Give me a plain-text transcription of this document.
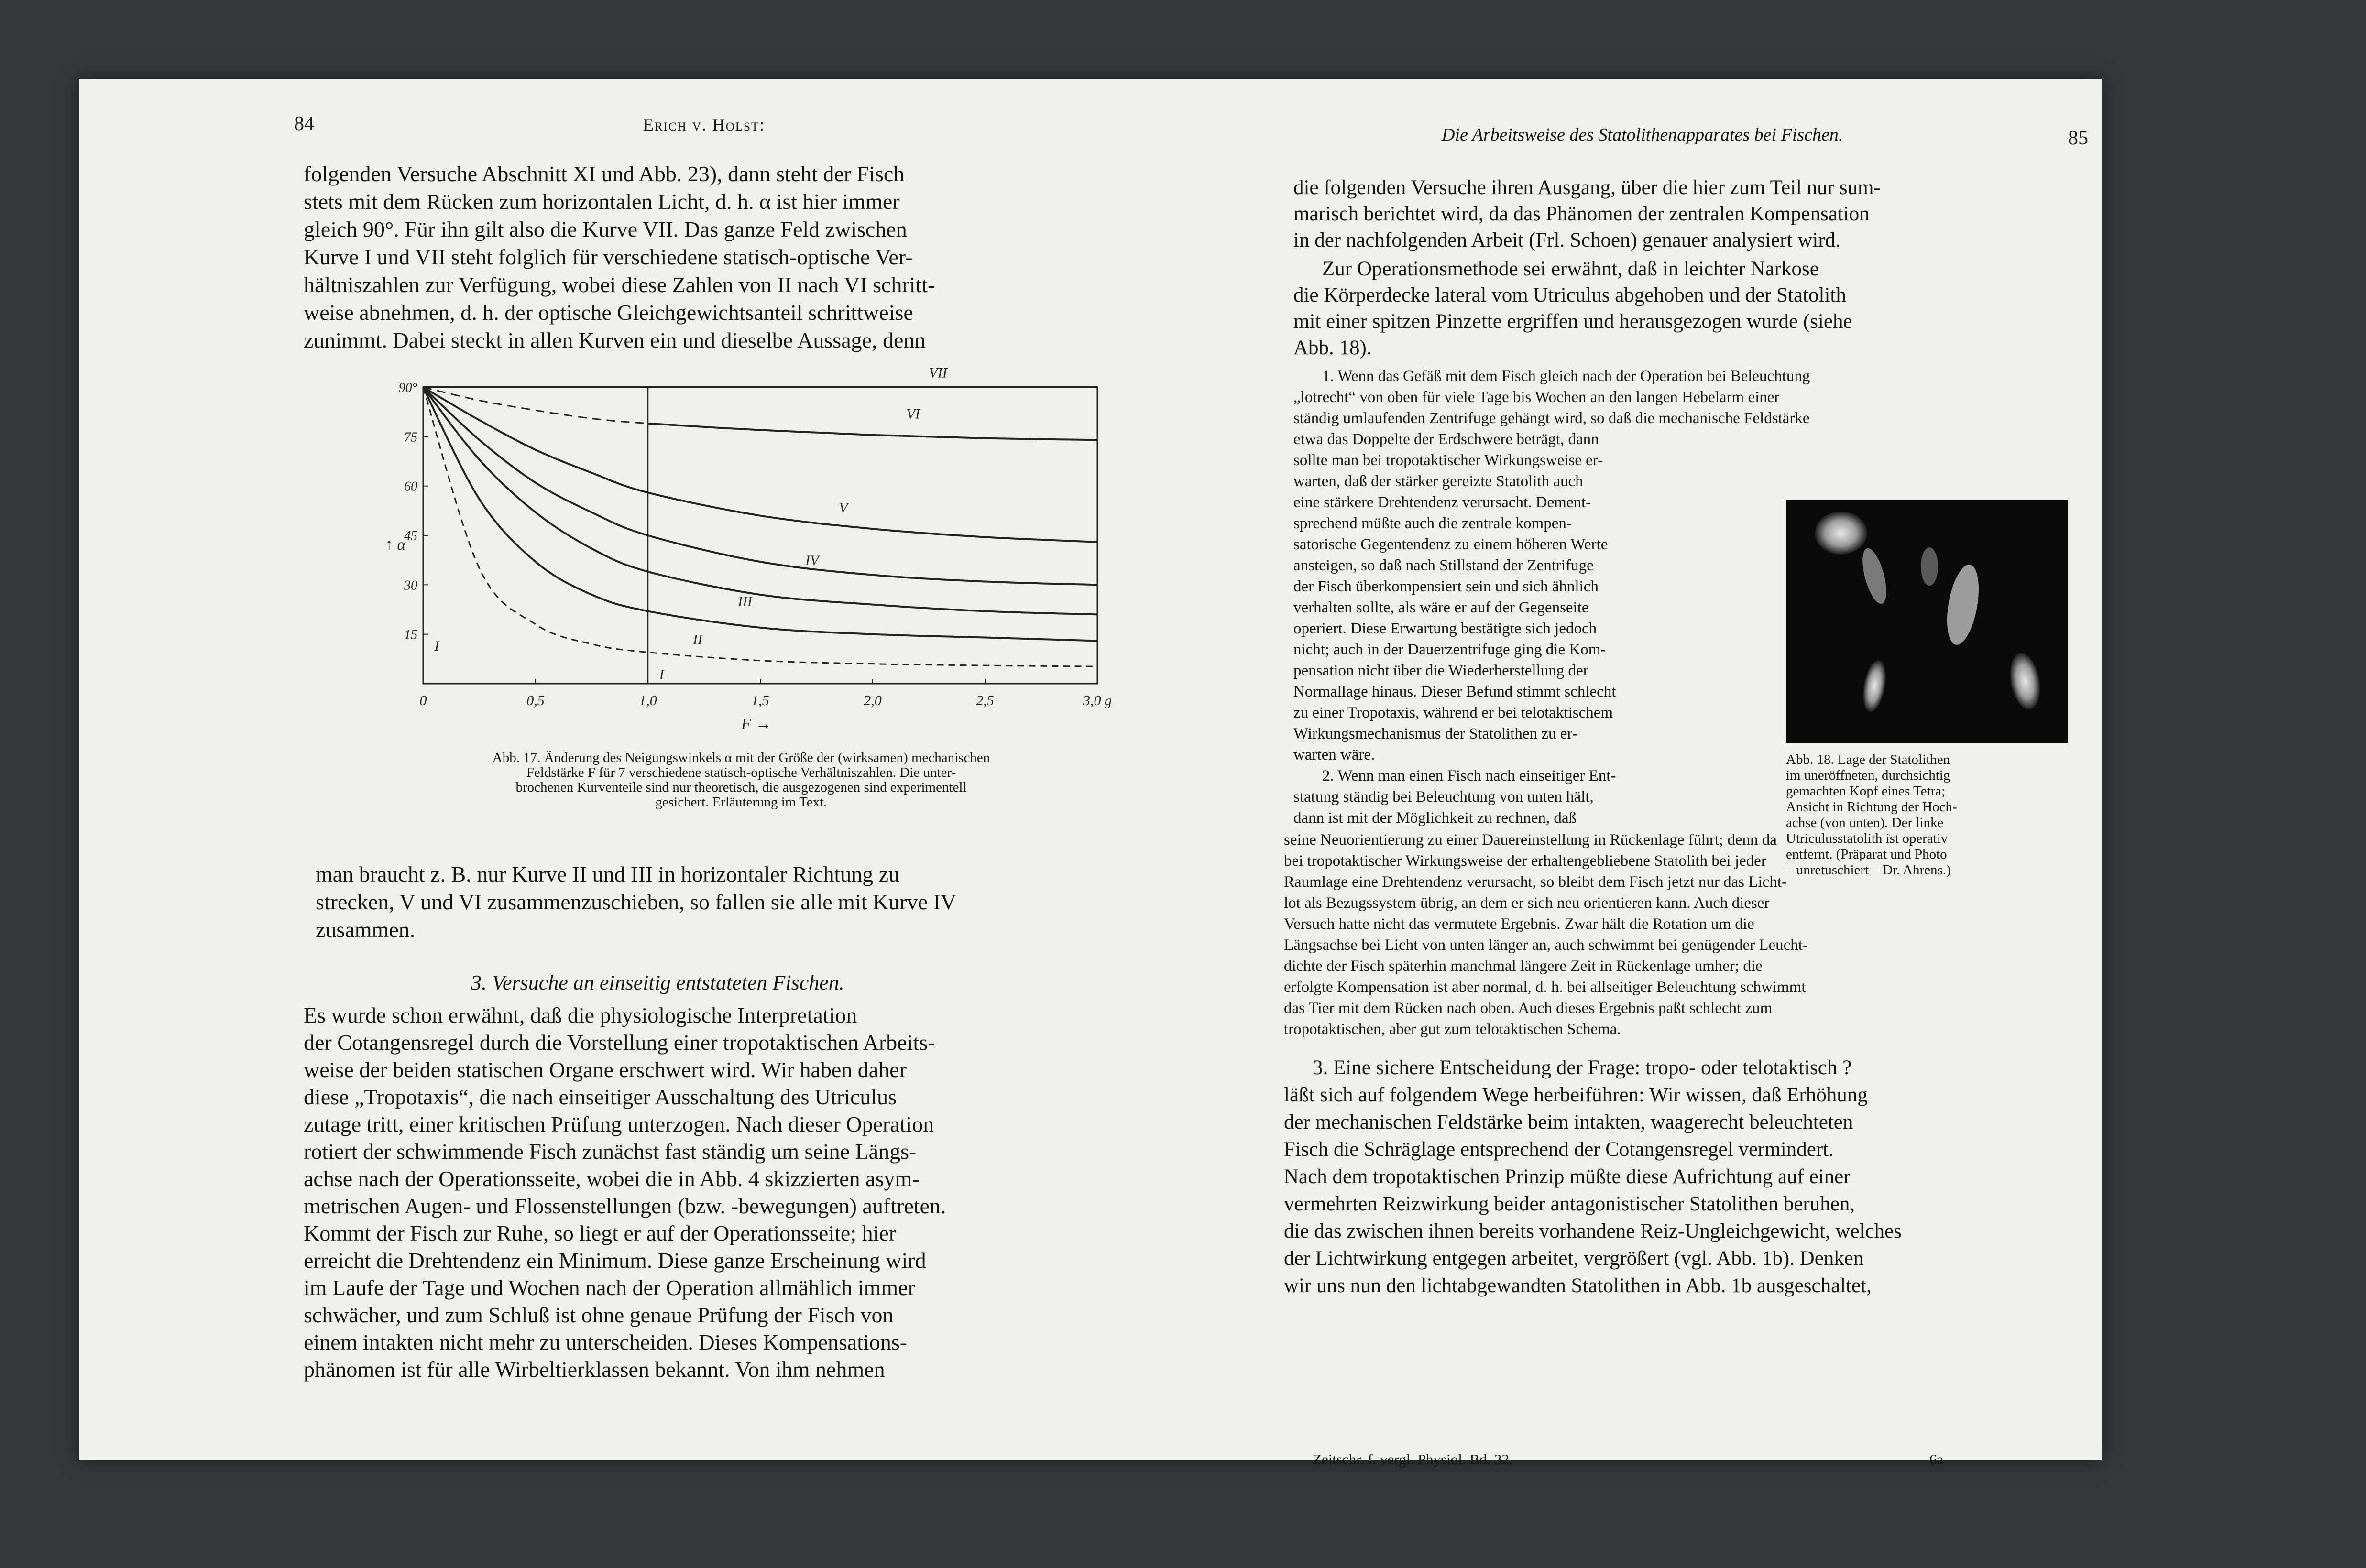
84	Erich v. Holst:
folgenden Versuche Abschnitt XI und Abb. 23), dann steht der Fisch
stets mit dem Rücken zum horizontalen Licht, d. h. α ist hier immer
gleich 90°. Für ihn gilt also die Kurve VII. Das ganze Feld zwischen
Kurve I und VII steht folglich für verschiedene statisch-optische Ver-
hältniszahlen zur Verfügung, wobei diese Zahlen von II nach VI schritt-
weise abnehmen, d. h. der optische Gleichgewichtsanteil schrittweise
zunimmt. Dabei steckt in allen Kurven ein und dieselbe Aussage, denn
0	0,5	1,0	1,5	2,0	2,5	3,0 g
15
30
45
60
75
90°
F →
↑ α
VII
VI
V
IV
III
II
I
I
Abb. 17. Änderung des Neigungswinkels α mit der Größe der (wirksamen) mechanischen
Feldstärke F für 7 verschiedene statisch-optische Verhältniszahlen. Die unter-
brochenen Kurventeile sind nur theoretisch, die ausgezogenen sind experimentell
gesichert. Erläuterung im Text.
man braucht z. B. nur Kurve II und III in horizontaler Richtung zu
strecken, V und VI zusammenzuschieben, so fallen sie alle mit Kurve IV
zusammen.
3. Versuche an einseitig entstateten Fischen.
Es wurde schon erwähnt, daß die physiologische Interpretation
der Cotangensregel durch die Vorstellung einer tropotaktischen Arbeits-
weise der beiden statischen Organe erschwert wird. Wir haben daher
diese „Tropotaxis“, die nach einseitiger Ausschaltung des Utriculus
zutage tritt, einer kritischen Prüfung unterzogen. Nach dieser Operation
rotiert der schwimmende Fisch zunächst fast ständig um seine Längs-
achse nach der Operationsseite, wobei die in Abb. 4 skizzierten asym-
metrischen Augen- und Flossenstellungen (bzw. -bewegungen) auftreten.
Kommt der Fisch zur Ruhe, so liegt er auf der Operationsseite; hier
erreicht die Drehtendenz ein Minimum. Diese ganze Erscheinung wird
im Laufe der Tage und Wochen nach der Operation allmählich immer
schwächer, und zum Schluß ist ohne genaue Prüfung der Fisch von
einem intakten nicht mehr zu unterscheiden. Dieses Kompensations-
phänomen ist für alle Wirbeltierklassen bekannt. Von ihm nehmen
Die Arbeitsweise des Statolithenapparates bei Fischen.	85
die folgenden Versuche ihren Ausgang, über die hier zum Teil nur sum-
marisch berichtet wird, da das Phänomen der zentralen Kompensation
in der nachfolgenden Arbeit (Frl. Schoen) genauer analysiert wird.
Zur Operationsmethode sei erwähnt, daß in leichter Narkose
die Körperdecke lateral vom Utriculus abgehoben und der Statolith
mit einer spitzen Pinzette ergriffen und herausgezogen wurde (siehe
Abb. 18).
1. Wenn das Gefäß mit dem Fisch gleich nach der Operation bei Beleuchtung
„lotrecht“ von oben für viele Tage bis Wochen an den langen Hebelarm einer
ständig umlaufenden Zentrifuge gehängt wird, so daß die mechanische Feldstärke
etwa das Doppelte der Erdschwere beträgt, dann
sollte man bei tropotaktischer Wirkungsweise er-
warten, daß der stärker gereizte Statolith auch
eine stärkere Drehtendenz verursacht. Dement-
sprechend müßte auch die zentrale kompen-
satorische Gegentendenz zu einem höheren Werte
ansteigen, so daß nach Stillstand der Zentrifuge
der Fisch überkompensiert sein und sich ähnlich
verhalten sollte, als wäre er auf der Gegenseite
operiert. Diese Erwartung bestätigte sich jedoch
nicht; auch in der Dauerzentrifuge ging die Kom-
pensation nicht über die Wiederherstellung der
Normallage hinaus. Dieser Befund stimmt schlecht
zu einer Tropotaxis, während er bei telotaktischem
Wirkungsmechanismus der Statolithen zu er-
warten wäre.
2. Wenn man einen Fisch nach einseitiger Ent-
statung ständig bei Beleuchtung von unten hält,
dann ist mit der Möglichkeit zu rechnen, daß
Abb. 18. Lage der Statolithen
im uneröffneten, durchsichtig
gemachten Kopf eines Tetra;
Ansicht in Richtung der Hoch-
achse (von unten). Der linke
Utriculusstatolith ist operativ
entfernt. (Präparat und Photo
– unretuschiert – Dr. Ahrens.)
seine Neuorientierung zu einer Dauereinstellung in Rückenlage führt; denn da
bei tropotaktischer Wirkungsweise der erhaltengebliebene Statolith bei jeder
Raumlage eine Drehtendenz verursacht, so bleibt dem Fisch jetzt nur das Licht-
lot als Bezugssystem übrig, an dem er sich neu orientieren kann. Auch dieser
Versuch hatte nicht das vermutete Ergebnis. Zwar hält die Rotation um die
Längsachse bei Licht von unten länger an, auch schwimmt bei genügender Leucht-
dichte der Fisch späterhin manchmal längere Zeit in Rückenlage umher; die
erfolgte Kompensation ist aber normal, d. h. bei allseitiger Beleuchtung schwimmt
das Tier mit dem Rücken nach oben. Auch dieses Ergebnis paßt schlecht zum
tropotaktischen, aber gut zum telotaktischen Schema.
3. Eine sichere Entscheidung der Frage: tropo- oder telotaktisch ?
läßt sich auf folgendem Wege herbeiführen: Wir wissen, daß Erhöhung
der mechanischen Feldstärke beim intakten, waagerecht beleuchteten
Fisch die Schräglage entsprechend der Cotangensregel vermindert.
Nach dem tropotaktischen Prinzip müßte diese Aufrichtung auf einer
vermehrten Reizwirkung beider antagonistischer Statolithen beruhen,
die das zwischen ihnen bereits vorhandene Reiz-Ungleichgewicht, welches
der Lichtwirkung entgegen arbeitet, vergrößert (vgl. Abb. 1b). Denken
wir uns nun den lichtabgewandten Statolithen in Abb. 1b ausgeschaltet,
Zeitschr. f. vergl. Physiol. Bd. 32.	6a
